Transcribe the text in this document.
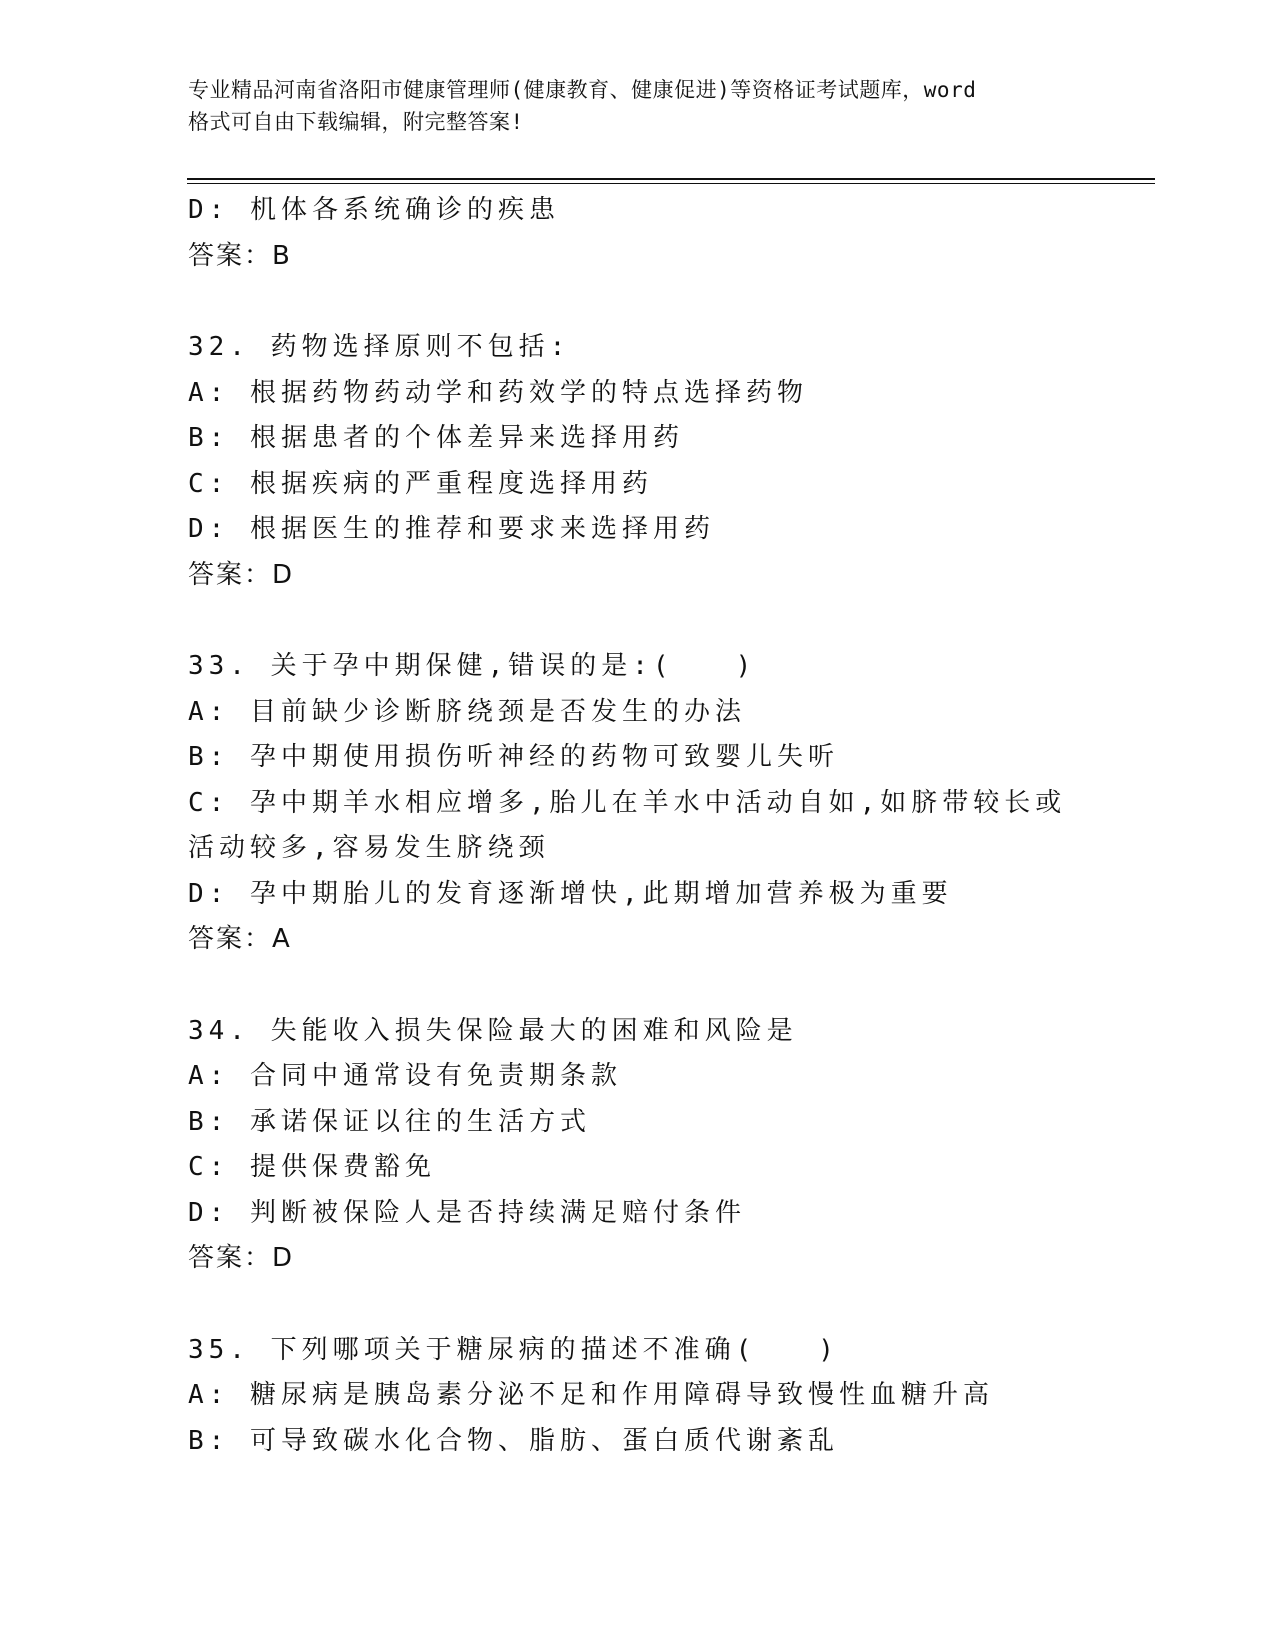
专业精品河南省洛阳市健康管理师(健康教育、健康促进)等资格证考试题库，word
格式可自由下载编辑，附完整答案!
D: 机体各系统确诊的疾患
答案：B
32. 药物选择原则不包括:
A: 根据药物药动学和药效学的特点选择药物
B: 根据患者的个体差异来选择用药
C: 根据疾病的严重程度选择用药
D: 根据医生的推荐和要求来选择用药
答案：D
33. 关于孕中期保健,错误的是:(　　)
A: 目前缺少诊断脐绕颈是否发生的办法
B: 孕中期使用损伤听神经的药物可致婴儿失听
C: 孕中期羊水相应增多,胎儿在羊水中活动自如,如脐带较长或活动较多,容易发生脐绕颈
D: 孕中期胎儿的发育逐渐增快,此期增加营养极为重要
答案：A
34. 失能收入损失保险最大的困难和风险是
A: 合同中通常设有免责期条款
B: 承诺保证以往的生活方式
C: 提供保费豁免
D: 判断被保险人是否持续满足赔付条件
答案：D
35. 下列哪项关于糖尿病的描述不准确(　　)
A: 糖尿病是胰岛素分泌不足和作用障碍导致慢性血糖升高
B: 可导致碳水化合物、脂肪、蛋白质代谢紊乱
